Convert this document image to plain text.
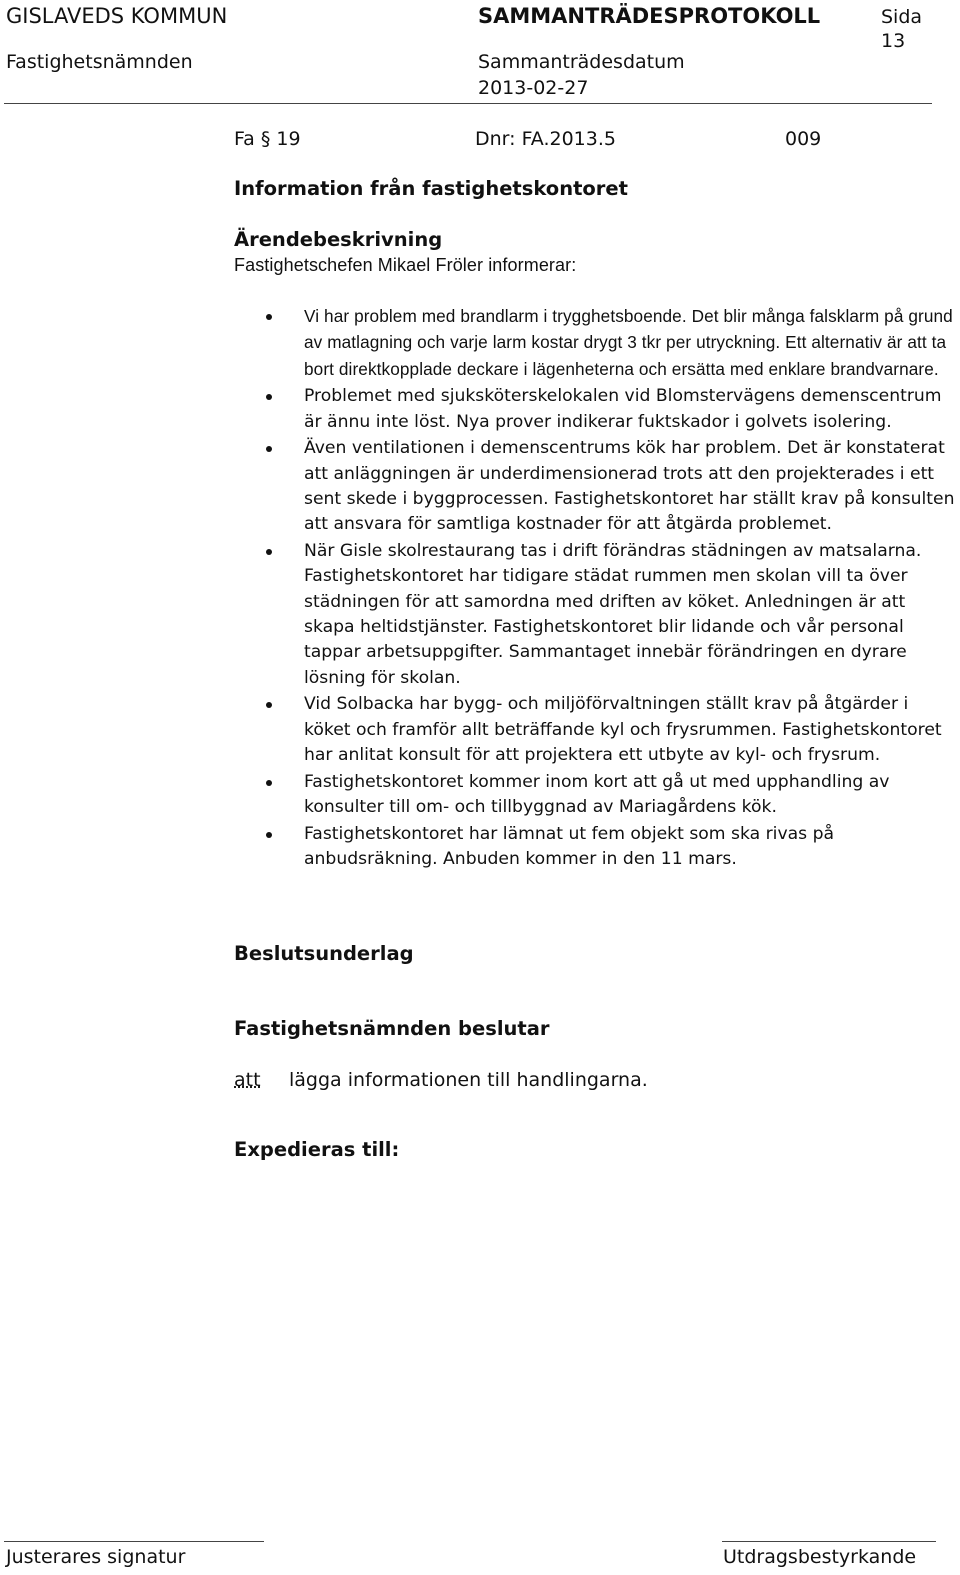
GISLAVEDS KOMMUN	SAMMANTRÄDESPROTOKOLL	Sida
13
Fastighetsnämnden	Sammanträdesdatum
2013-02-27
Fa § 19	Dnr: FA.2013.5	009
Information från fastighetskontoret
Ärendebeskrivning
Fastighetschefen Mikael Fröler informerar:
Vi har problem med brandlarm i trygghetsboende. Det blir många falsklarm på grund av matlagning och varje larm kostar drygt 3 tkr per utryckning. Ett alternativ är att ta bort direktkopplade deckare i lägenheterna och ersätta med enklare brandvarnare.
Problemet med sjuksköterskelokalen vid Blomstervägens demenscentrum är ännu inte löst. Nya prover indikerar fuktskador i golvets isolering.
Även ventilationen i demenscentrums kök har problem. Det är konstaterat att anläggningen är underdimensionerad trots att den projekterades i ett sent skede i byggprocessen. Fastighetskontoret har ställt krav på konsulten att ansvara för samtliga kostnader för att åtgärda problemet.
När Gisle skolrestaurang tas i drift förändras städningen av matsalarna. Fastighetskontoret har tidigare städat rummen men skolan vill ta över städningen för att samordna med driften av köket. Anledningen är att skapa heltidstjänster. Fastighetskontoret blir lidande och vår personal tappar arbetsuppgifter. Sammantaget innebär förändringen en dyrare lösning för skolan.
Vid Solbacka har bygg- och miljöförvaltningen ställt krav på åtgärder i köket och framför allt beträffande kyl och frysrummen. Fastighetskontoret har anlitat konsult för att projektera ett utbyte av kyl- och frysrum.
Fastighetskontoret kommer inom kort att gå ut med upphandling av konsulter till om- och tillbyggnad av Mariagårdens kök.
Fastighetskontoret har lämnat ut fem objekt som ska rivas på anbudsräkning. Anbuden kommer in den 11 mars.
Beslutsunderlag
Fastighetsnämnden beslutar
att lägga informationen till handlingarna.
Expedieras till:
Justerares signatur	Utdragsbestyrkande
